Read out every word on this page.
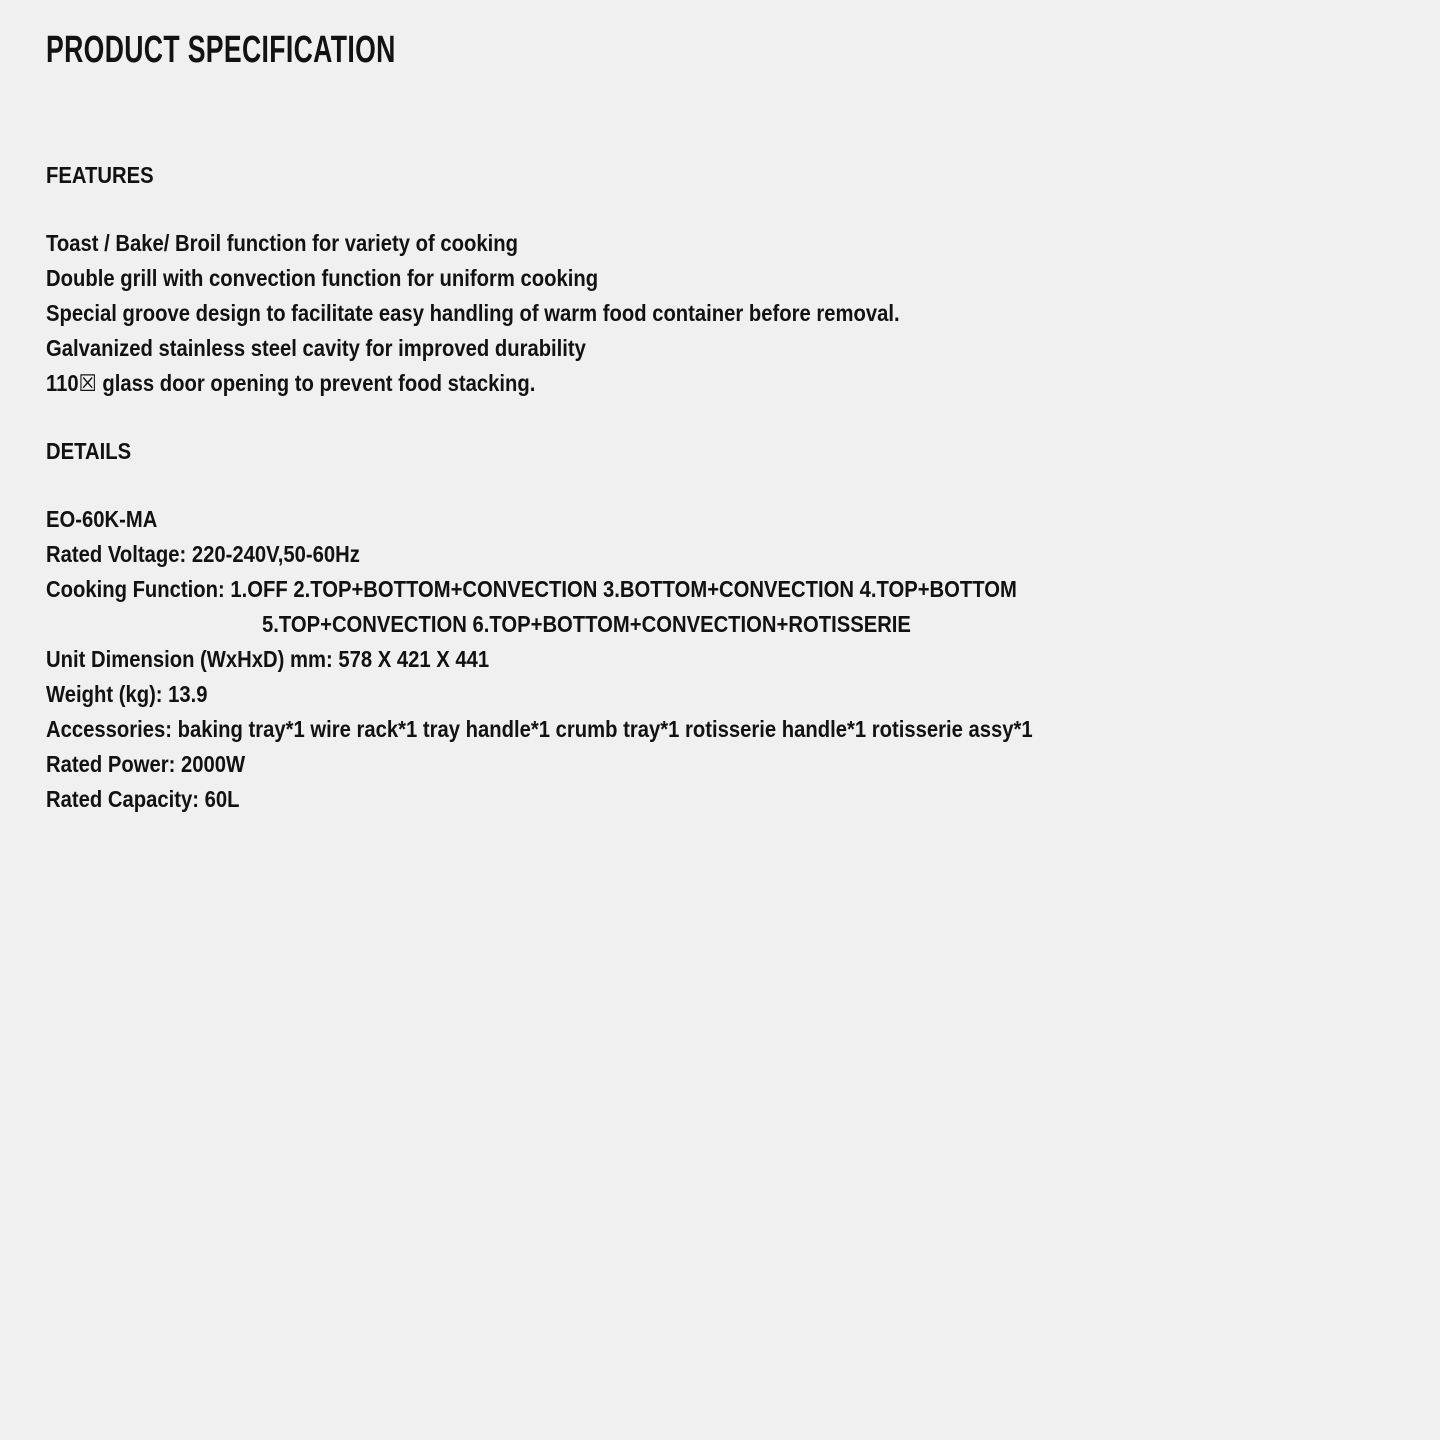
PRODUCT SPECIFICATION
FEATURES
Toast / Bake/ Broil function for variety of cooking
Double grill with convection function for uniform cooking
Special groove design to facilitate easy handling of warm food container before removal.
Galvanized stainless steel cavity for improved durability
110☒ glass door opening to prevent food stacking.
DETAILS
EO-60K-MA
Rated Voltage: 220-240V,50-60Hz
Cooking Function: 1.OFF 2.TOP+BOTTOM+CONVECTION 3.BOTTOM+CONVECTION 4.TOP+BOTTOM
5.TOP+CONVECTION 6.TOP+BOTTOM+CONVECTION+ROTISSERIE
Unit Dimension (WxHxD) mm: 578 X 421 X 441
Weight (kg): 13.9
Accessories: baking tray*1 wire rack*1 tray handle*1 crumb tray*1 rotisserie handle*1 rotisserie assy*1
Rated Power: 2000W
Rated Capacity: 60L
